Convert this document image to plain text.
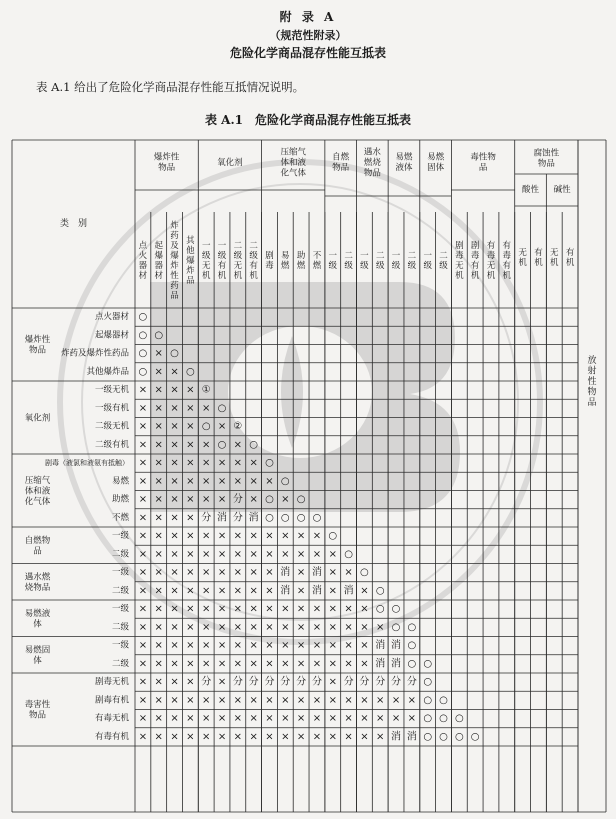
附 录 A
（规范性附录）
危险化学商品混存性能互抵表
表 A.1 给出了危险化学商品混存性能互抵情况说明。
表 A.1　危险化学商品混存性能互抵表
类　别
放射性物品
爆炸性物品
氧化剂
压缩气体和液化气体
自燃物品
遇水燃烧物品
易燃液体
易燃固体
毒性物品
腐蚀性物品
酸性 碱性
点火器材
起爆器材
炸药及爆炸性药品
其他爆炸品
一级无机
一级有机
二级无机
二级有机
剧毒
易燃
助燃
不燃
一级
二级
一级
二级
一级
二级
一级
二级
剧毒无机
剧毒有机
有毒无机
有毒有机
无机
有机
无机
有机
点火器材 ○
起爆器材 ○ ○
炸药及爆炸性药品 ○ × ○
其他爆炸品 ○ × × ○
爆炸性物品
一级无机 × × × × ①
一级有机 × × × × × ○
二级无机 × × × × ○ × ②
二级有机 × × × × × ○ × ○
氧化剂
剧毒（液氯和液氨有抵触） × × × × × × × × ○
易燃 × × × × × × × × × ○
助燃 × × × × × × 分 × ○ × ○
不燃 × × × × 分 消 分 消 ○ ○ ○ ○
压缩气体和液化气体
一级 × × × × × × × × × × × × ○
二级 × × × × × × × × × × × × × ○
自燃物品
一级 × × × × × × × × × 消 × 消 × × ○
二级 × × × × × × × × × 消 × 消 × 消 × ○
遇水燃烧物品
一级 × × × × × × × × × × × × × × × ○ ○
二级 × × × × × × × × × × × × × × × × ○ ○
易燃液体
一级 × × × × × × × × × × × × × × × 消 消 ○
二级 × × × × × × × × × × × × × × × 消 消 ○ ○
易燃固体
剧毒无机 × × × × 分 × 分 分 分 分 分 分 × 分 分 分 分 分 ○
剧毒有机 × × × × × × × × × × × × × × × × × × ○ ○
有毒无机 × × × × × × × × × × × × × × × × × × ○ ○ ○
有毒有机 × × × × × × × × × × × × × × × × 消 消 ○ ○ ○ ○
毒害性物品
